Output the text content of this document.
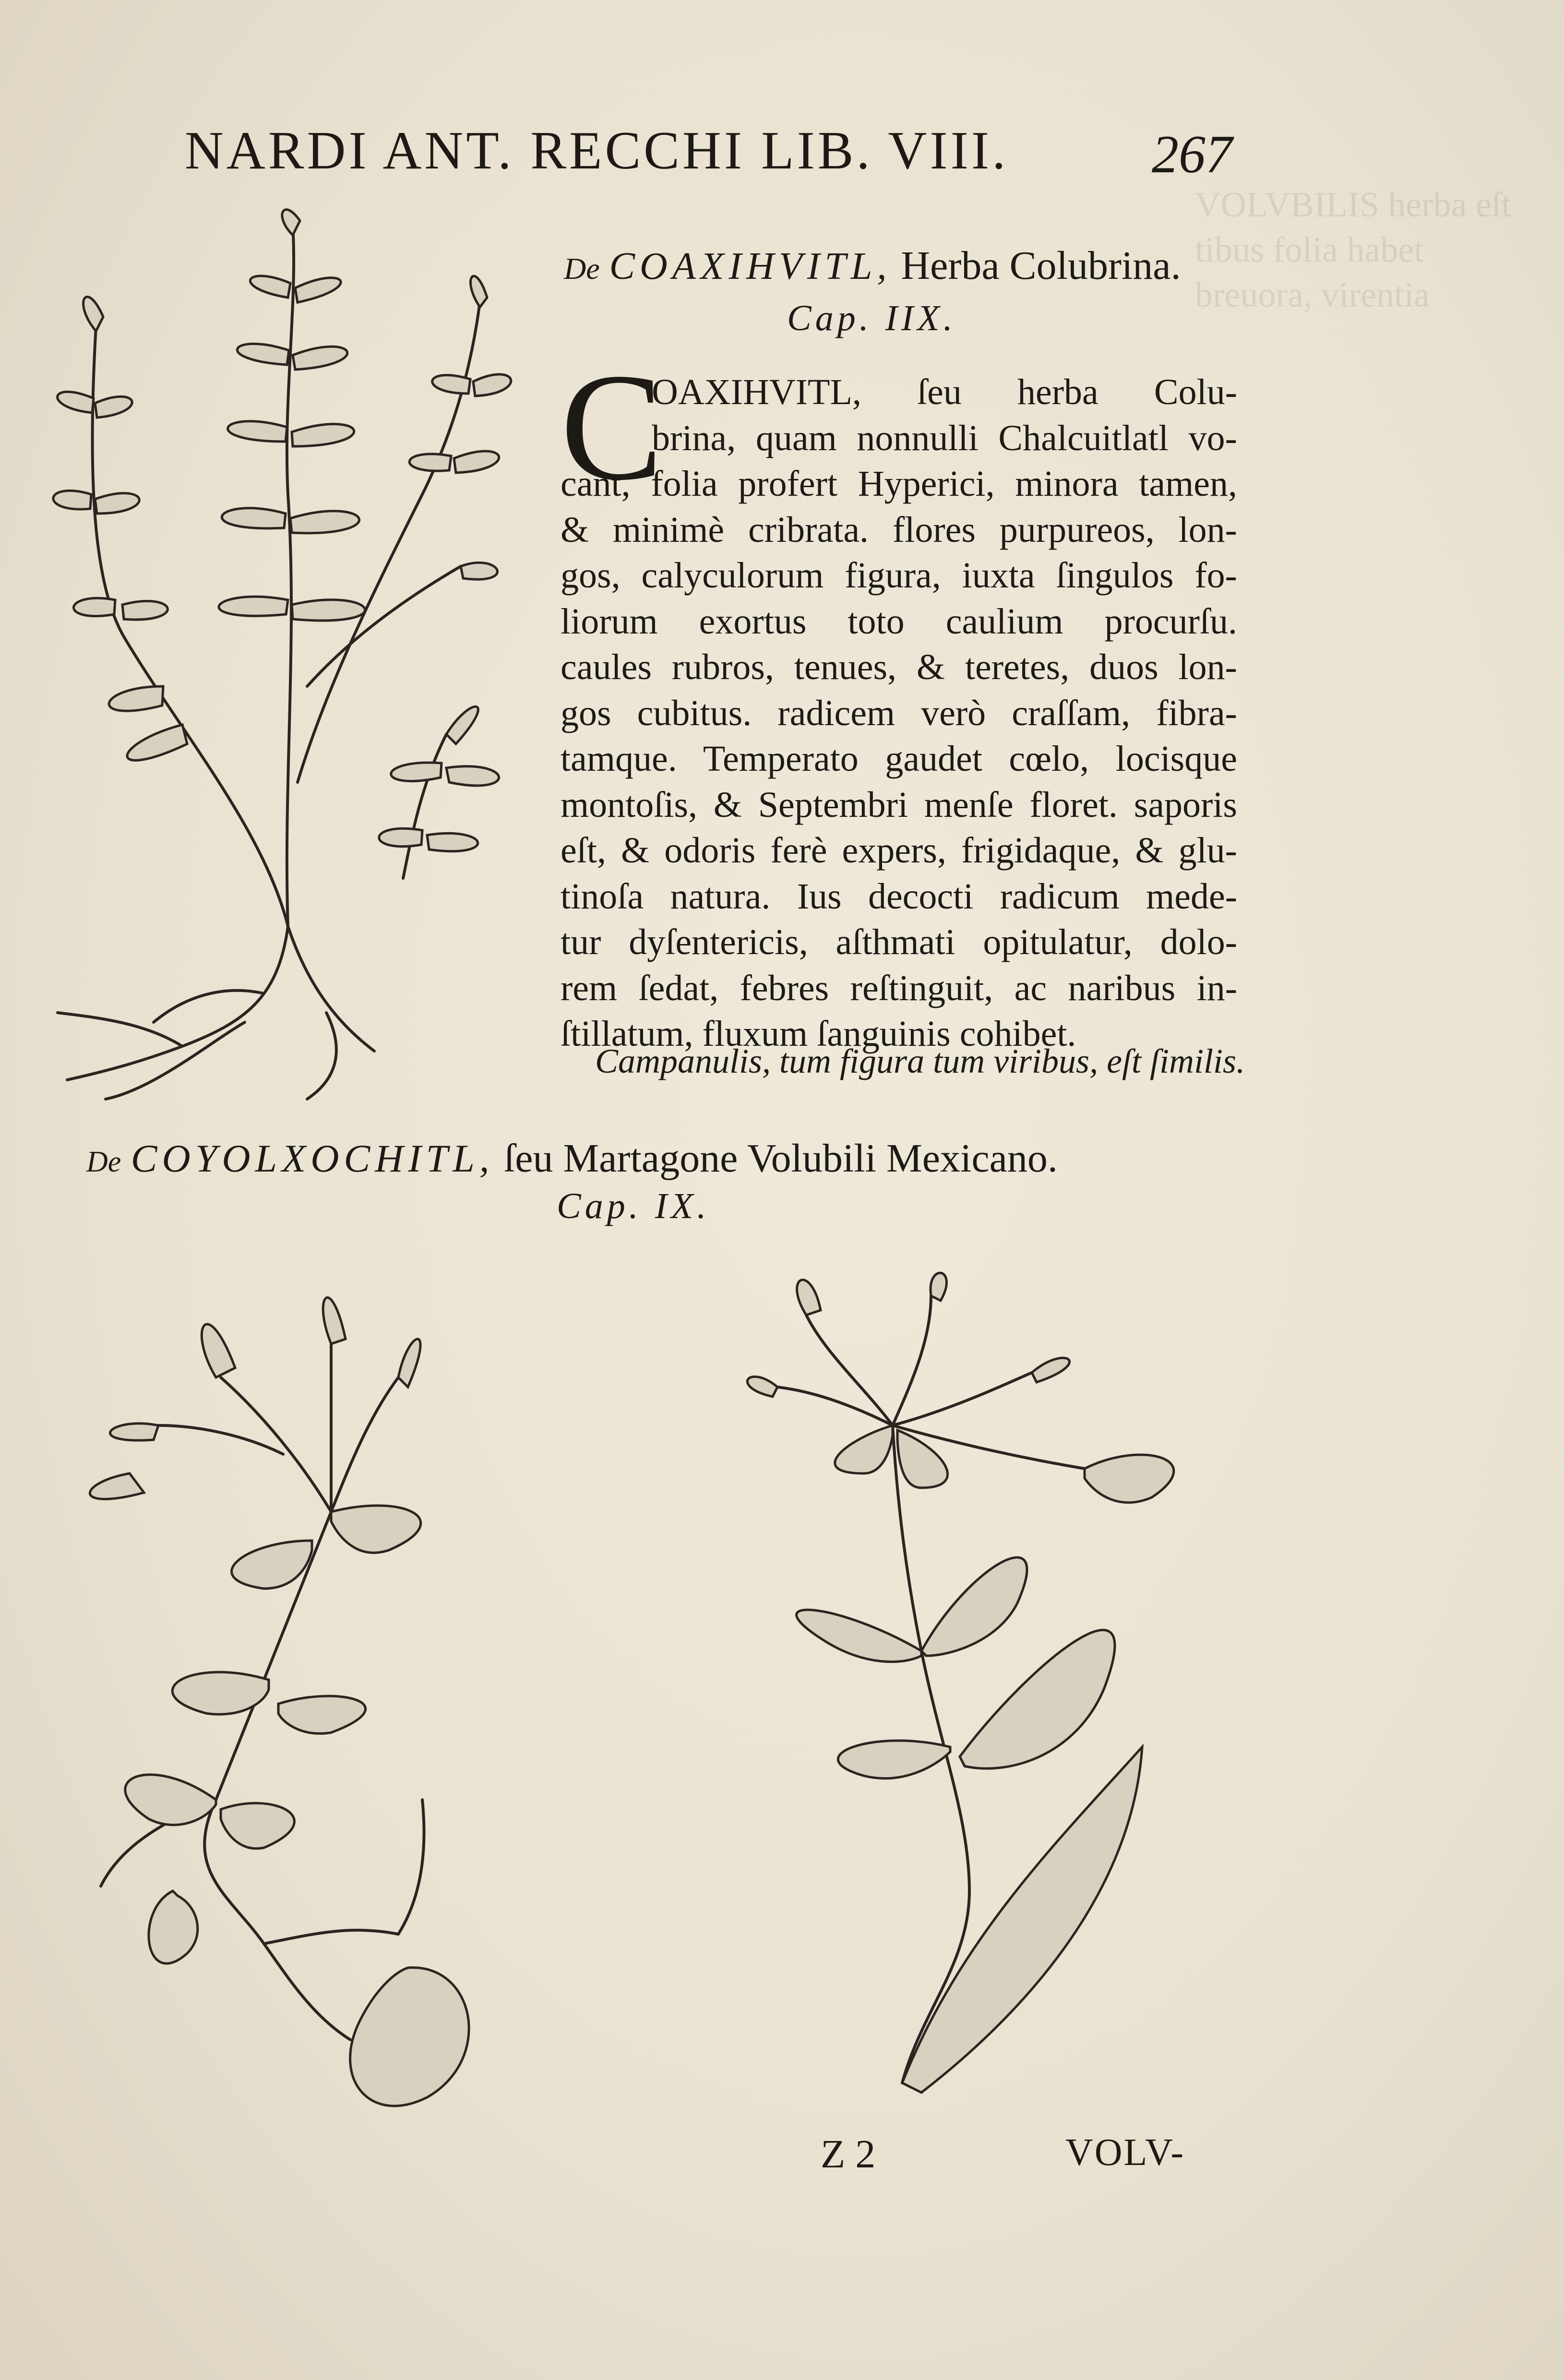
VOLVBILIS herba eſt
tibus folia habet
breuora, virentia
NARDI ANT. RECCHI LIB. VIII.	267
De COAXIHVITL, Herba Colubrina.
Cap. IIX.
C
OAXIHVITL, ſeu herba Colu-
brina, quam nonnulli Chalcuitlatl vo-
cant, folia profert Hyperici, minora tamen,
& minimè cribrata. flores purpureos, lon-
gos, calyculorum figura, iuxta ſingulos fo-
liorum exortus toto caulium procurſu.
caules rubros, tenues, & teretes, duos lon-
gos cubitus. radicem verò craſſam, fibra-
tamque. Temperato gaudet cœlo, locisque
montoſis, & Septembri menſe floret. saporis
eſt, & odoris ferè expers, frigidaque, & glu-
tinoſa natura. Ius decocti radicum mede-
tur dyſentericis, aſthmati opitulatur, dolo-
rem ſedat, febres reſtinguit, ac naribus in-
ſtillatum, fluxum ſanguinis cohibet.
Campanulis, tum figura tum viribus, eſt ſimilis.
De COYOLXOCHITL, ſeu Martagone Volubili Mexicano.
Cap. IX.
Z 2	VOLV-
